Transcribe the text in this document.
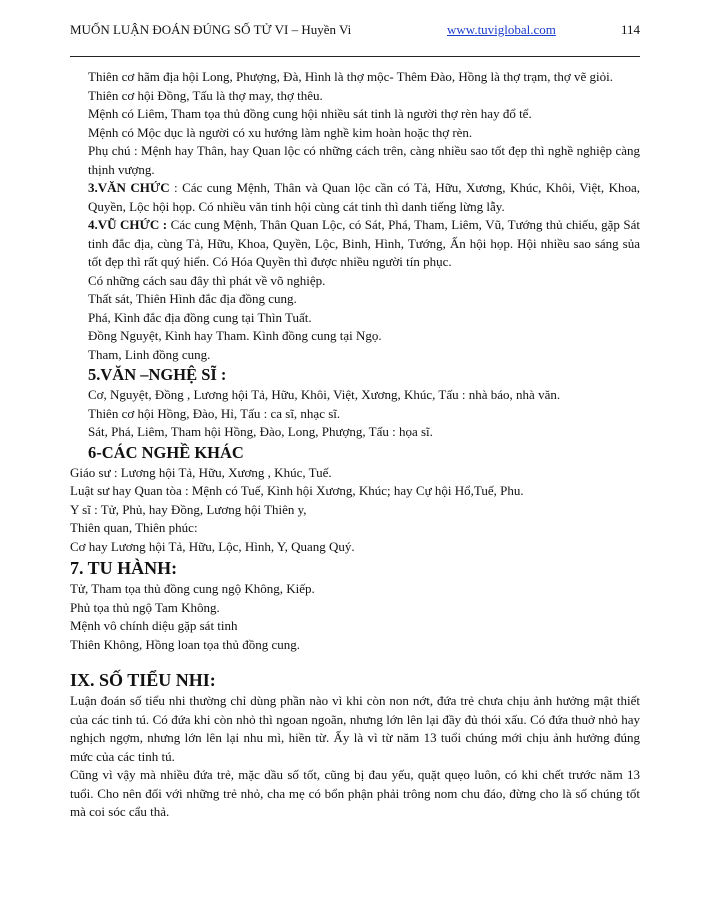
MUỐN LUẬN ĐOÁN ĐÚNG SỐ TỬ VI – Huyền Vi	www.tuviglobal.com	114
Thiên cơ hãm địa hội Long, Phượng, Đà, Hình là thợ mộc- Thêm Đào, Hồng là thợ trạm, thợ vẽ giỏi.
Thiên cơ hội Đồng, Tấu là thợ may, thợ thêu.
Mệnh có Liêm, Tham tọa thủ đồng cung hội nhiều sát tinh là người thợ rèn hay đổ tể.
Mệnh có Mộc dục là người có xu hướng làm nghề kim hoàn hoặc thợ rèn.
Phụ chú : Mệnh hay Thân, hay Quan lộc có những cách trên, càng nhiều sao tốt đẹp thì nghề nghiệp càng thịnh vượng.
3.VĂN CHỨC : Các cung Mệnh, Thân và Quan lộc cần có Tả, Hữu, Xương, Khúc, Khôi, Việt, Khoa, Quyền, Lộc hội họp. Có nhiều văn tinh hội cùng cát tinh thì danh tiếng lừng lẫy.
4.VŨ CHỨC : Các cung Mệnh, Thân Quan Lộc, có Sát, Phá, Tham, Liêm, Vũ, Tướng thủ chiếu, gặp Sát tinh đắc địa, cùng Tả, Hữu, Khoa, Quyền, Lộc, Binh, Hình, Tướng, Ấn hội họp. Hội nhiều sao sáng sủa tốt đẹp thì rất quý hiển. Có Hóa Quyền thì được nhiều người tín phục.
Có những cách sau đây thì phát về võ nghiệp.
Thất sát, Thiên Hình đắc địa đồng cung.
Phá, Kình đắc địa đồng cung tại Thìn Tuất.
Đồng Nguyệt, Kình hay Tham. Kình đồng cung tại Ngọ.
Tham, Linh đồng cung.
5.VĂN –NGHỆ SĨ :
Cơ, Nguyệt, Đồng , Lương hội Tả, Hữu, Khôi, Việt, Xương, Khúc, Tấu : nhà báo, nhà văn.
Thiên cơ hội Hồng, Đào, Hỉ, Tấu : ca sĩ, nhạc sĩ.
Sát, Phá, Liêm, Tham hội Hồng, Đào, Long, Phượng, Tấu : họa sĩ.
6-CÁC NGHỀ KHÁC
Giáo sư : Lương hội Tả, Hữu, Xương , Khúc, Tuế.
Luật sư hay Quan tòa : Mệnh có Tuế, Kình hội Xương, Khúc; hay Cự hội Hổ,Tuế, Phu.
Y sĩ : Tử, Phủ, hay Đồng, Lương hội Thiên y,
Thiên quan, Thiên phúc:
Cơ hay Lương hội Tả, Hữu, Lộc, Hình, Y, Quang Quý.
7. TU HÀNH:
Tử, Tham tọa thủ đồng cung ngộ Không, Kiếp.
Phủ tọa thủ ngộ Tam Không.
Mệnh vô chính diệu gặp sát tinh
Thiên Không, Hồng loan tọa thủ đồng cung.
IX. SỐ TIỂU NHI:
Luận đoán số tiểu nhi thường chỉ dùng phần nào vì khi còn non nớt, đứa trẻ chưa chịu ảnh hưởng mật thiết của các tinh tú. Có đứa khi còn nhỏ thì ngoan ngoãn, nhưng lớn lên lại đầy đủ thói xấu. Có đứa thuở nhỏ hay nghịch ngợm, nhưng lớn lên lại nhu mì, hiền từ. Ấy là vì từ năm 13 tuổi chúng mới chịu ảnh hưởng đúng mức của các tinh tú.
Cũng vì vậy mà nhiều đứa trẻ, mặc dầu số tốt, cũng bị đau yếu, quặt quẹo luôn, có khi chết trước năm 13 tuổi. Cho nên đối với những trẻ nhỏ, cha mẹ có bổn phận phải trông nom chu đáo, đừng cho là số chúng tốt mà coi sóc cẩu thả.
